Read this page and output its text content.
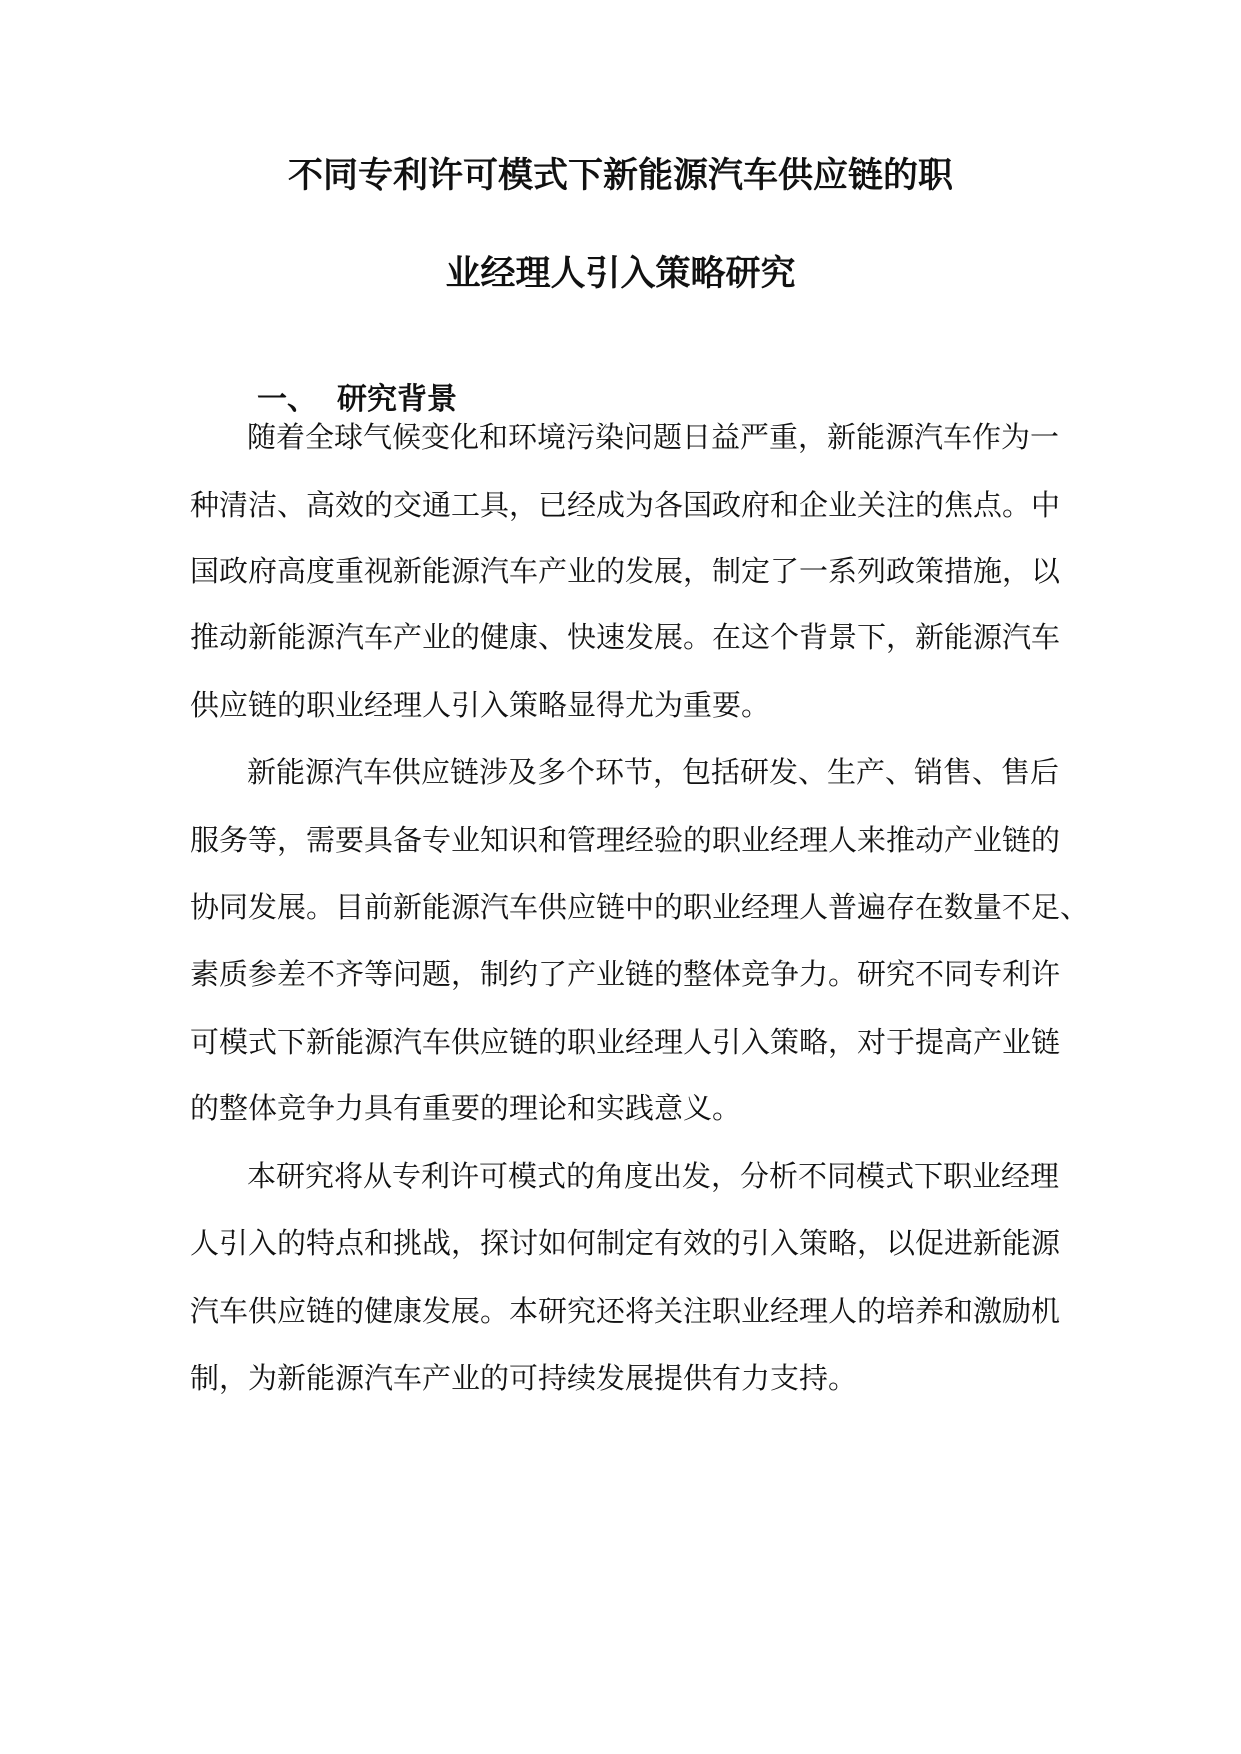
不同专利许可模式下新能源汽车供应链的职
业经理人引入策略研究
一、 研究背景

随着全球气候变化和环境污染问题日益严重，新能源汽车作为一

种清洁、高效的交通工具，已经成为各国政府和企业关注的焦点。中

国政府高度重视新能源汽车产业的发展，制定了一系列政策措施，以

推动新能源汽车产业的健康、快速发展。在这个背景下，新能源汽车

供应链的职业经理人引入策略显得尤为重要。

新能源汽车供应链涉及多个环节，包括研发、生产、销售、售后

服务等，需要具备专业知识和管理经验的职业经理人来推动产业链的

协同发展。目前新能源汽车供应链中的职业经理人普遍存在数量不足、

素质参差不齐等问题，制约了产业链的整体竞争力。研究不同专利许

可模式下新能源汽车供应链的职业经理人引入策略，对于提高产业链

的整体竞争力具有重要的理论和实践意义。

本研究将从专利许可模式的角度出发，分析不同模式下职业经理

人引入的特点和挑战，探讨如何制定有效的引入策略，以促进新能源

汽车供应链的健康发展。本研究还将关注职业经理人的培养和激励机

制，为新能源汽车产业的可持续发展提供有力支持。
